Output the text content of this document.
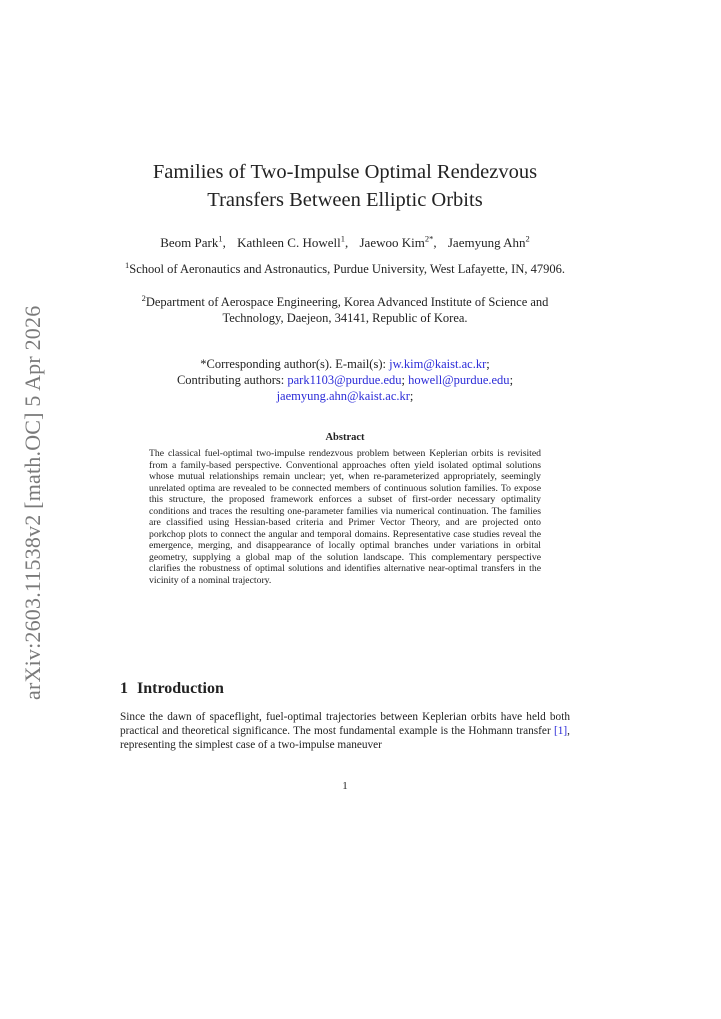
arXiv:2603.11538v2 [math.OC] 5 Apr 2026
Families of Two-Impulse Optimal Rendezvous
Transfers Between Elliptic Orbits
Beom Park$^1$, Kathleen C. Howell$^1$, Jaewoo Kim$^{2*}$, Jaemyung Ahn$^2$
$^1$School of Aeronautics and Astronautics, Purdue University, West Lafayette, IN, 47906.
$^2$Department of Aerospace Engineering, Korea Advanced Institute of Science and Technology, Daejeon, 34141, Republic of Korea.
*Corresponding author(s). E-mail(s): jw.kim@kaist.ac.kr;
Contributing authors: park1103@purdue.edu; howell@purdue.edu;
jaemyung.ahn@kaist.ac.kr;
Abstract
The classical fuel-optimal two-impulse rendezvous problem between Keplerian orbits is revisited from a family-based perspective. Conventional approaches often yield isolated optimal solutions whose mutual relationships remain unclear; yet, when re-parameterized appropriately, seemingly unrelated optima are revealed to be connected members of continuous solution families. To expose this structure, the proposed framework enforces a subset of first-order necessary optimality conditions and traces the resulting one-parameter families via numerical continuation. The families are classified using Hessian-based criteria and Primer Vector Theory, and are projected onto porkchop plots to connect the angular and temporal domains. Representative case studies reveal the emergence, merging, and disappearance of locally optimal branches under variations in orbital geometry, supplying a global map of the solution landscape. This complementary perspective clarifies the robustness of optimal solutions and identifies alternative near-optimal transfers in the vicinity of a nominal trajectory.
1 Introduction
Since the dawn of spaceflight, fuel-optimal trajectories between Keplerian orbits have held both practical and theoretical significance. The most fundamental example is the Hohmann transfer [1], representing the simplest case of a two-impulse maneuver
1
